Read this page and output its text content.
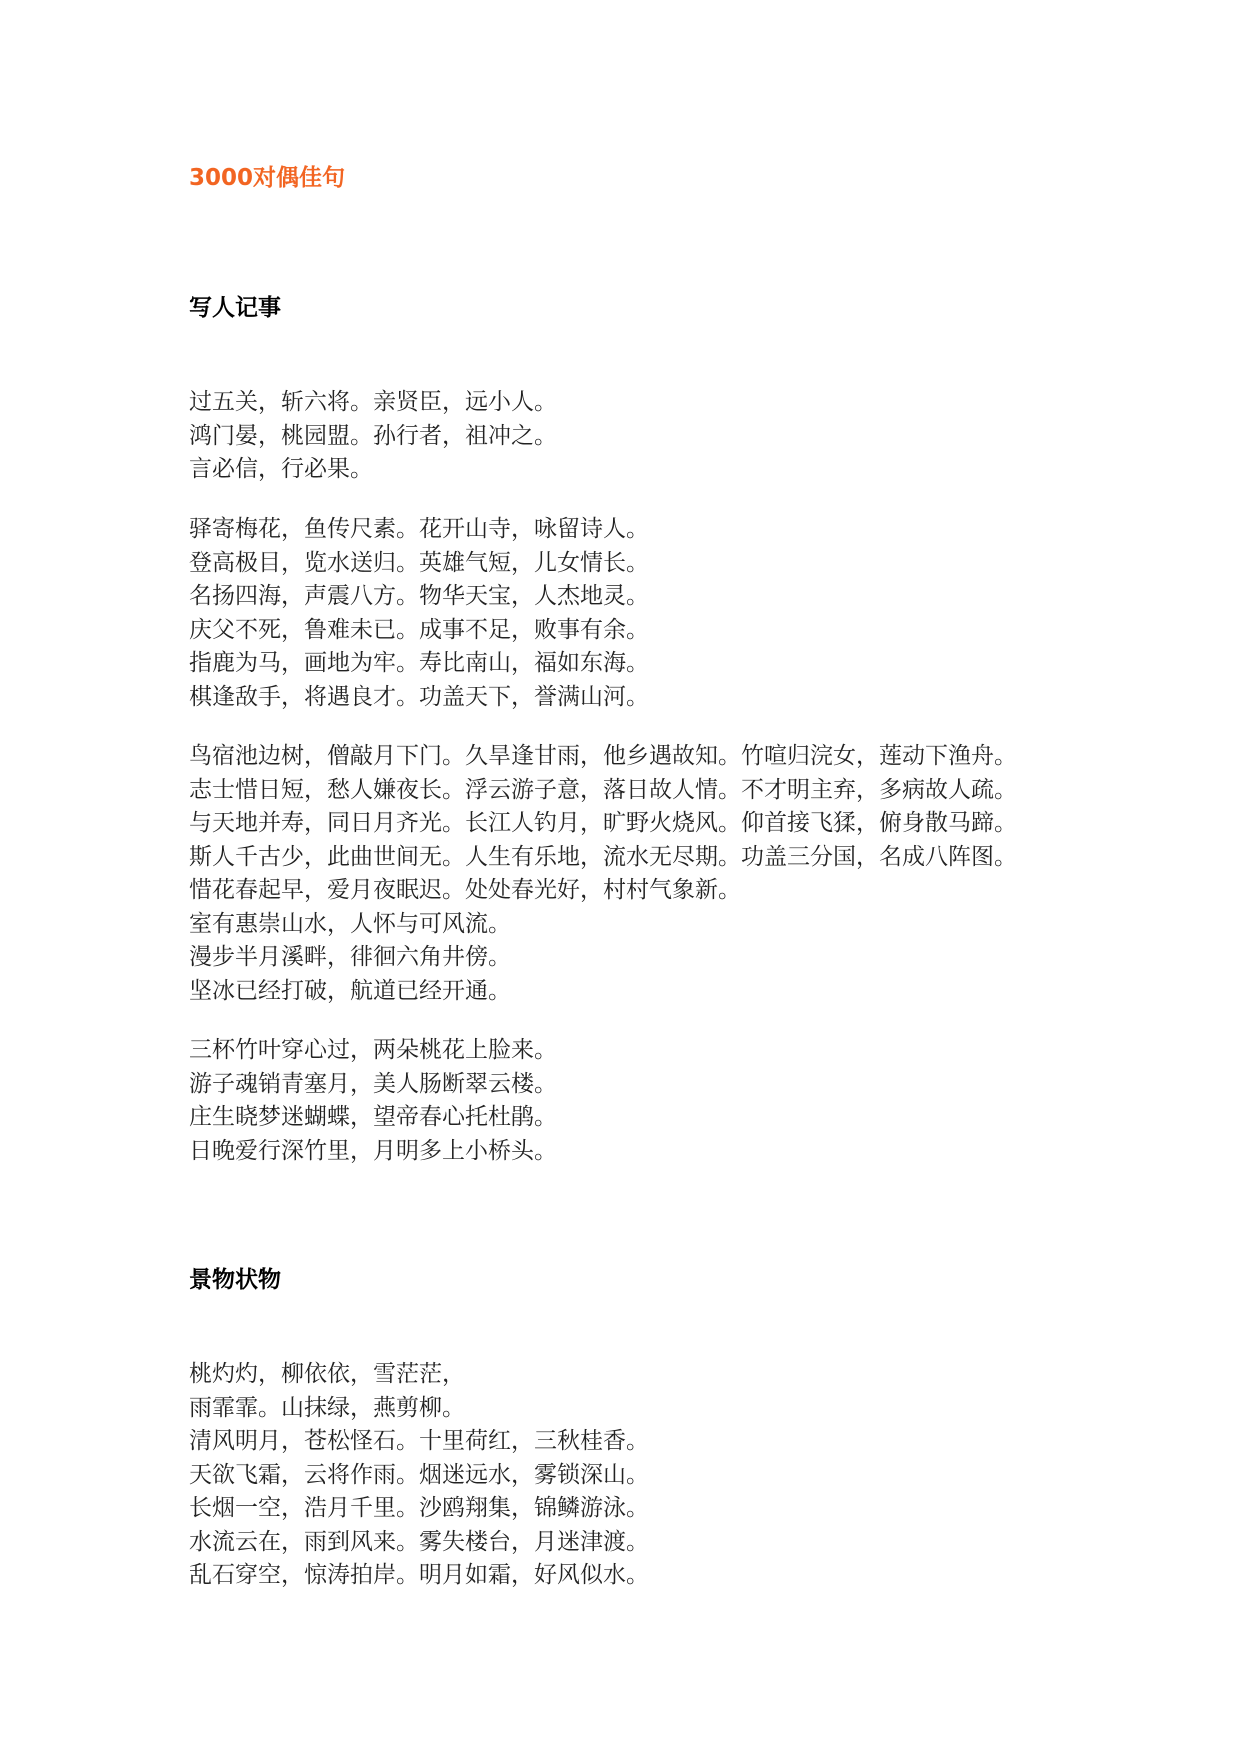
3000对偶佳句
写人记事
过五关，斩六将。亲贤臣，远小人。
鸿门晏，桃园盟。孙行者，祖冲之。
言必信，行必果。
驿寄梅花，鱼传尺素。花开山寺，咏留诗人。
登高极目，览水送归。英雄气短，儿女情长。
名扬四海，声震八方。物华天宝，人杰地灵。
庆父不死，鲁难未已。成事不足，败事有余。
指鹿为马，画地为牢。寿比南山，福如东海。
棋逢敌手，将遇良才。功盖天下，誉满山河。
鸟宿池边树，僧敲月下门。久旱逢甘雨，他乡遇故知。竹喧归浣女，莲动下渔舟。
志士惜日短，愁人嫌夜长。浮云游子意，落日故人情。不才明主弃，多病故人疏。
与天地并寿，同日月齐光。长江人钓月，旷野火烧风。仰首接飞猱，俯身散马蹄。
斯人千古少，此曲世间无。人生有乐地，流水无尽期。功盖三分国，名成八阵图。
惜花春起早，爱月夜眠迟。处处春光好，村村气象新。
室有惠崇山水，人怀与可风流。
漫步半月溪畔，徘徊六角井傍。
坚冰已经打破，航道已经开通。
三杯竹叶穿心过，两朵桃花上脸来。
游子魂销青塞月，美人肠断翠云楼。
庄生晓梦迷蝴蝶，望帝春心托杜鹃。
日晚爱行深竹里，月明多上小桥头。
景物状物
桃灼灼，柳依依，雪茫茫，
雨霏霏。山抹绿，燕剪柳。
清风明月，苍松怪石。十里荷红，三秋桂香。
天欲飞霜，云将作雨。烟迷远水，雾锁深山。
长烟一空，浩月千里。沙鸥翔集，锦鳞游泳。
水流云在，雨到风来。雾失楼台，月迷津渡。
乱石穿空，惊涛拍岸。明月如霜，好风似水。
